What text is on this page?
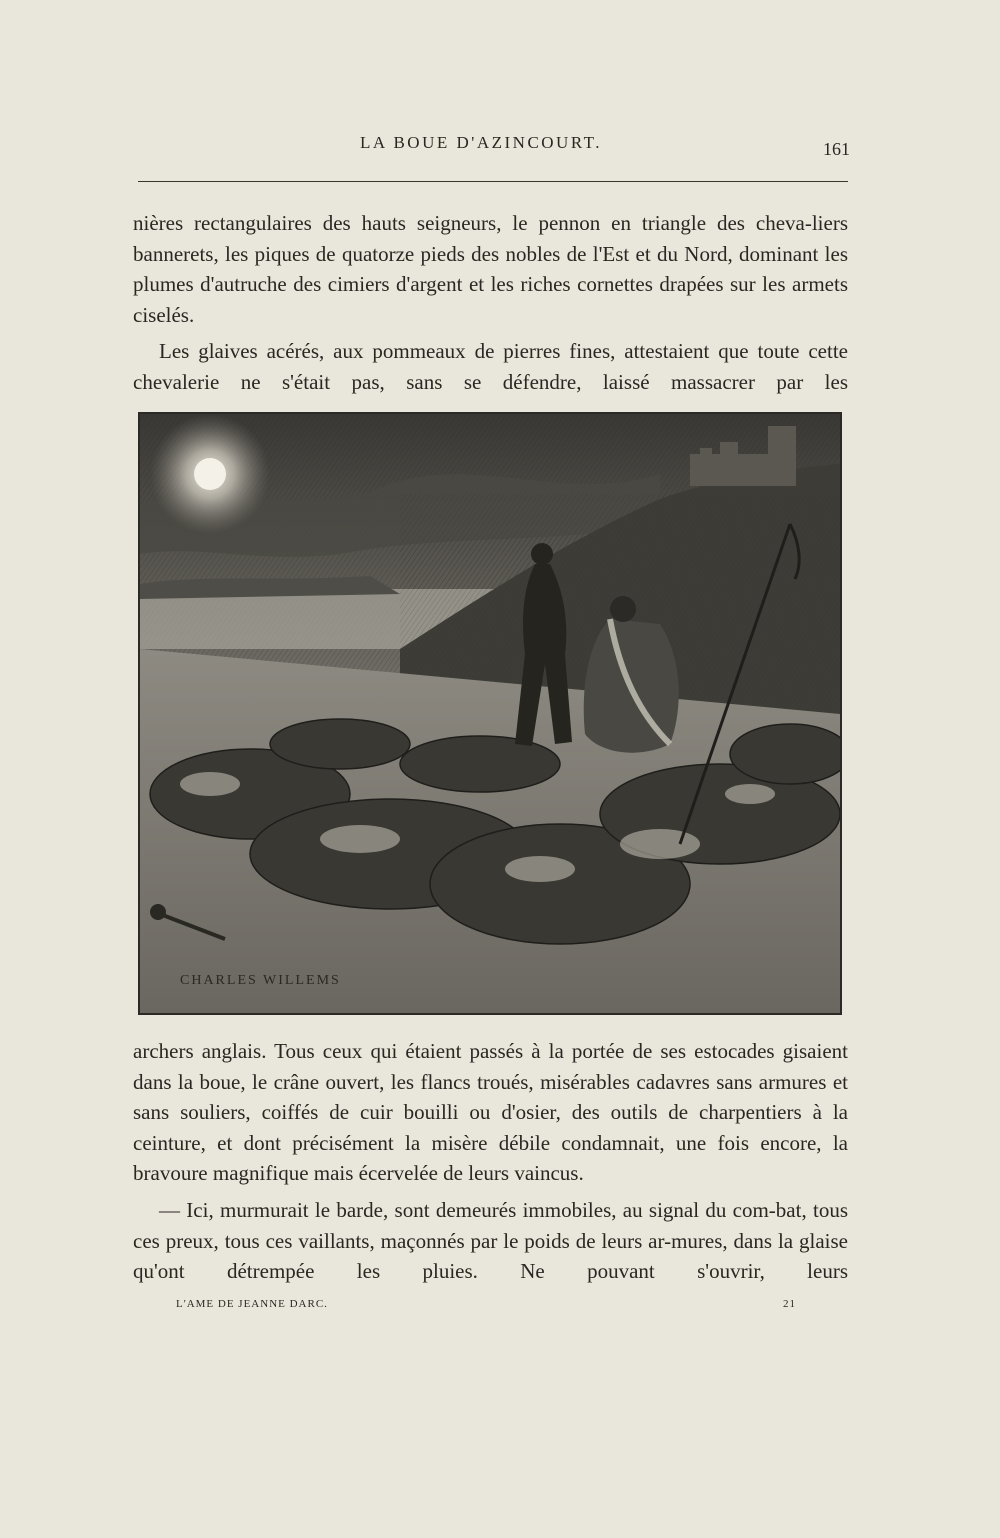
LA BOUE D'AZINCOURT.	161

nières rectangulaires des hauts seigneurs, le pennon en triangle des cheva-liers bannerets, les piques de quatorze pieds des nobles de l'Est et du Nord, dominant les plumes d'autruche des cimiers d'argent et les riches cornettes drapées sur les armets ciselés.

Les glaives acérés, aux pommeaux de pierres fines, attestaient que toute cette chevalerie ne s'était pas, sans se défendre, laissé massacrer par les

CHARLES WILLEMS

archers anglais. Tous ceux qui étaient passés à la portée de ses estocades gisaient dans la boue, le crâne ouvert, les flancs troués, misérables cadavres sans armures et sans souliers, coiffés de cuir bouilli ou d'osier, des outils de charpentiers à la ceinture, et dont précisément la misère débile condamnait, une fois encore, la bravoure magnifique mais écervelée de leurs vaincus.

— Ici, murmurait le barde, sont demeurés immobiles, au signal du com-bat, tous ces preux, tous ces vaillants, maçonnés par le poids de leurs ar-mures, dans la glaise qu'ont détrempée les pluies. Ne pouvant s'ouvrir, leurs

L'AME DE JEANNE DARC.	21
